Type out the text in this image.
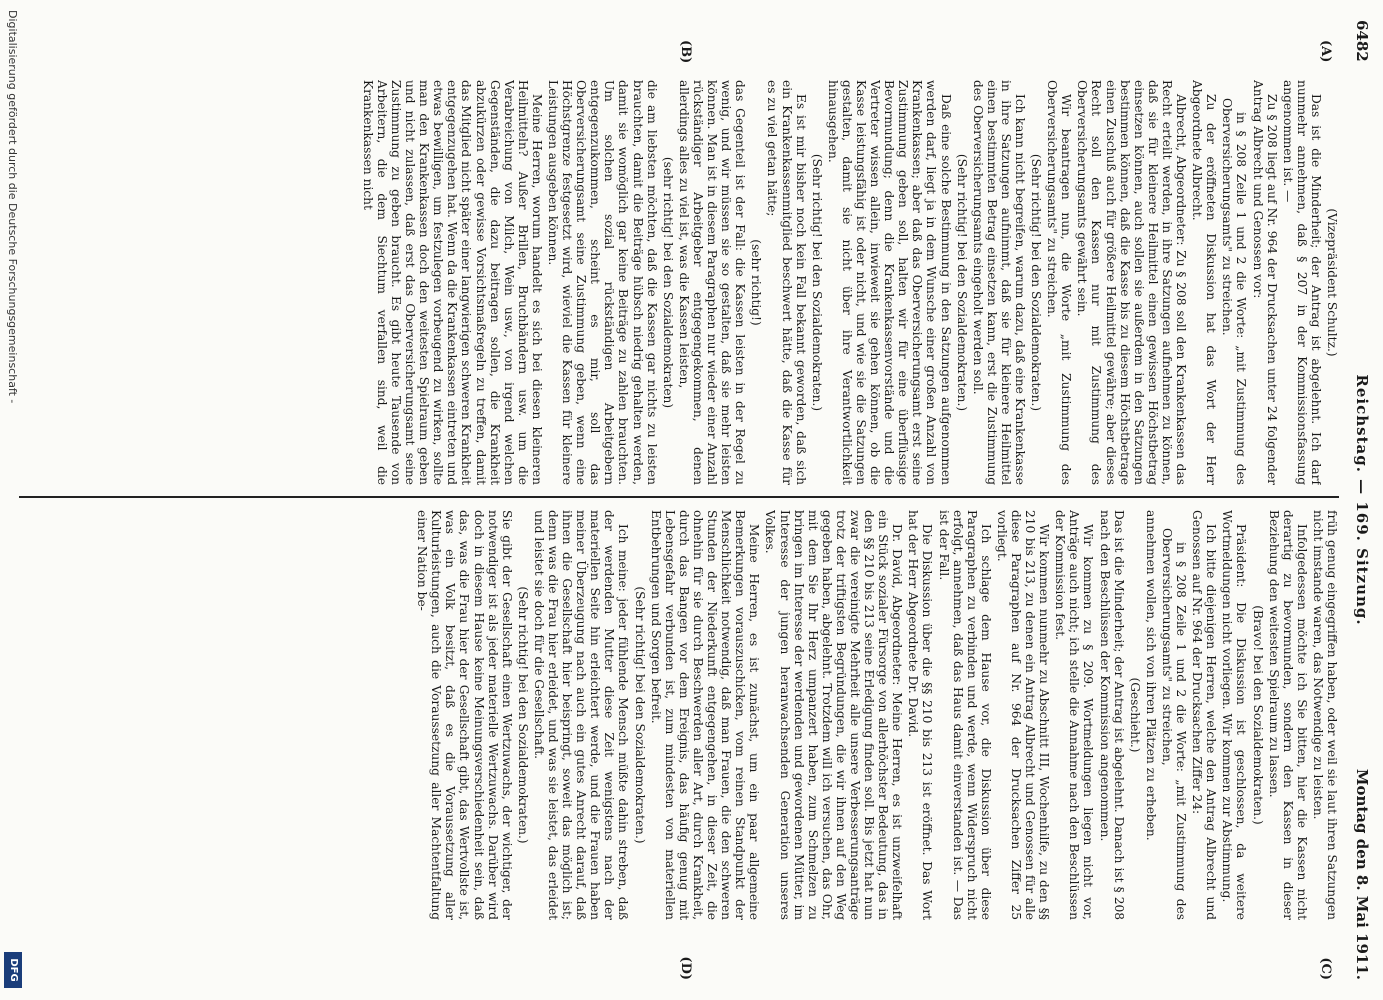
6482
Reichstag. — 169. Sitzung.
Montag den 8. Mai 1911.
(A)
(B)
(C)
(D)

(Vizepräsident Schultz.)

Das ist die Minderheit; der Antrag ist abgelehnt. Ich darf nunmehr annehmen, daß § 207 in der Kommissionsfassung angenommen ist. —

Zu § 208 liegt auf Nr. 964 der Drucksachen unter 24 folgender Antrag Albrecht und Genossen vor:

in § 208 Zeile 1 und 2 die Worte: „mit Zustimmung des Oberversicherungsamts" zu streichen.

Zu der eröffneten Diskussion hat das Wort der Herr Abgeordnete Albrecht.

Albrecht, Abgeordneter: Zu § 208 soll den Krankenkassen das Recht erteilt werden, in ihre Satzungen aufnehmen zu können, daß sie für kleinere Heilmittel einen gewissen Höchstbetrag einsetzen können, auch sollen sie außerdem in den Satzungen bestimmen können, daß die Kasse bis zu diesem Höchstbetrage einen Zuschuß auch für größere Heilmittel gewähre; aber dieses Recht soll den Kassen nur mit Zustimmung des Oberversicherungsamts gewährt sein.

Wir beantragen nun, die Worte „mit Zustimmung des Oberversicherungsamts" zu streichen.

(Sehr richtig! bei den Sozialdemokraten.)

Ich kann nicht begreifen, warum dazu, daß eine Krankenkasse in ihre Satzungen aufnimmt, daß sie für kleinere Heilmittel einen bestimmten Betrag einsetzen kann, erst die Zustimmung des Oberversicherungsamts eingeholt werden soll.

(Sehr richtig! bei den Sozialdemokraten.)

Daß eine solche Bestimmung in den Satzungen aufgenommen werden darf, liegt ja in dem Wunsche einer großen Anzahl von Krankenkassen; aber daß das Oberversicherungsamt erst seine Zustimmung geben soll, halten wir für eine überflüssige Bevormundung; denn die Krankenkassenvorstände und die Vertreter wissen allein, inwieweit sie gehen können, ob die Kasse leistungsfähig ist oder nicht, und wie sie die Satzungen gestalten, damit sie nicht über ihre Verantwortlichkeit hinausgehen.

(Sehr richtig! bei den Sozialdemokraten.)

Es ist mir bisher noch kein Fall bekannt geworden, daß sich ein Krankenkassenmitglied beschwert hätte, daß die Kasse für es zu viel getan hätte;

(sehr richtig!)

das Gegenteil ist der Fall: die Kassen leisten in der Regel zu wenig, und wir müssen sie so gestalten, daß sie mehr leisten können. Man ist in diesem Paragraphen nur wieder einer Anzahl rückständiger Arbeitgeber entgegengekommen, denen allerdings alles zu viel ist, was die Kassen leisten,

(sehr richtig! bei den Sozialdemokraten)

die am liebsten möchten, daß die Kassen gar nichts zu leisten brauchten, damit die Beiträge hübsch niedrig gehalten werden, damit sie womöglich gar keine Beiträge zu zahlen brauchten. Um solchen sozial rückständigen Arbeitgebern entgegenzukommen, scheint es mir, soll das Oberversicherungsamt seine Zustimmung geben, wenn eine Höchstgrenze festgesetzt wird, wieviel die Kassen für kleinere Leistungen ausgeben können.

Meine Herren, worum handelt es sich bei diesen kleineren Heilmitteln? Außer Brillen, Bruchbändern usw. um die Verabreichung von Milch, Wein usw., von irgend welchen Gegenständen, die dazu beitragen sollen, die Krankheit abzukürzen oder gewisse Vorsichtsmaßregeln zu treffen, damit das Mitglied nicht später einer langwierigen schweren Krankheit entgegenzugehen hat. Wenn da die Krankenkassen eintreten und etwas bewilligen, um festzulegen vorbeugend zu wirken, sollte man den Krankenkassen doch den weitesten Spielraum geben und nicht zulassen, daß erst das Oberversicherungsamt seine Zustimmung zu geben braucht. Es gibt heute Tausende von Arbeitern, die dem Siechtum verfallen sind, weil die Krankenkassen nicht

früh genug eingegriffen haben, oder weil sie laut ihren Satzungen nicht imstande waren, das Notwendige zu leisten.

Infolgedessen möchte ich Sie bitten, hier die Kassen nicht derartig zu bevormunden, sondern den Kassen in dieser Beziehung den weitesten Spielraum zu lassen.

(Bravo! bei den Sozialdemokraten.)

Präsident: Die Diskussion ist geschlossen, da weitere Wortmeldungen nicht vorliegen. Wir kommen zur Abstimmung.

Ich bitte diejenigen Herren, welche den Antrag Albrecht und Genossen auf Nr. 964 der Drucksachen Ziffer 24:

in § 208 Zeile 1 und 2 die Worte: „mit Zustimmung des Oberversicherungsamts" zu streichen,

annehmen wollen, sich von ihren Plätzen zu erheben.

(Geschieht.)

Das ist die Minderheit; der Antrag ist abgelehnt. Danach ist § 208 nach den Beschlüssen der Kommission angenommen.

Wir kommen zu § 209. Wortmeldungen liegen nicht vor, Anträge auch nicht; ich stelle die Annahme nach den Beschlüssen der Kommission fest.

Wir kommen nunmehr zu Abschnitt III, Wochenhilfe, zu den §§ 210 bis 213, zu denen ein Antrag Albrecht und Genossen für alle diese Paragraphen auf Nr. 964 der Drucksachen Ziffer 25 vorliegt.

Ich schlage dem Hause vor, die Diskussion über diese Paragraphen zu verbinden und werde, wenn Widerspruch nicht erfolgt, annehmen, daß das Haus damit einverstanden ist. — Das ist der Fall.

Die Diskussion über die §§ 210 bis 213 ist eröffnet. Das Wort hat der Herr Abgeordnete Dr. David.

Dr. David, Abgeordneter: Meine Herren, es ist unzweifelhaft ein Stück sozialer Fürsorge von allerhöchster Bedeutung, das in den §§ 210 bis 213 seine Erledigung finden soll. Bis jetzt hat nun zwar die vereinigte Mehrheit alle unsere Verbesserungsanträge trotz der triftigsten Begründungen, die wir ihnen auf den Weg gegeben haben, abgelehnt. Trotzdem will ich versuchen, das Ohr, mit dem Sie Ihr Herz umpanzert haben, zum Schmelzen zu bringen im Interesse der werdenden und gewordenen Mütter, im Interesse der jungen heranwachsenden Generation unseres Volkes.

Meine Herren, es ist zunächst, um ein paar allgemeine Bemerkungen vorauszuschicken, vom reinen Standpunkt der Menschlichkeit notwendig, daß man Frauen, die den schweren Stunden der Niederkunft entgegengehen, in dieser Zeit, die ohnehin für sie durch Beschwerden aller Art, durch Krankheit, durch das Bangen vor dem Ereignis, das häufig genug mit Lebensgefahr verbunden ist, zum mindesten von materiellen Entbehrungen und Sorgen befreit.

(Sehr richtig! bei den Sozialdemokraten.)

Ich meine: jeder fühlende Mensch müßte dahin streben, daß der werdenden Mutter diese Zeit wenigstens nach der materiellen Seite hin erleichtert werde, und die Frauen haben meiner Überzeugung nach auch ein gutes Anrecht darauf, daß ihnen die Gesellschaft hier beispringt, soweit das möglich ist; denn was die Frau hier erleidet, und was sie leistet, das erleidet und leistet sie doch für die Gesellschaft.

(Sehr richtig! bei den Sozialdemokraten.)

Sie gibt der Gesellschaft einen Wertzuwachs, der wichtiger, der notwendiger ist als jeder materielle Wertzuwachs. Darüber wird doch in diesem Hause keine Meinungsverschiedenheit sein, daß das, was die Frau hier der Gesellschaft gibt, das Wertvollste ist, was ein Volk besitzt, daß es die Voraussetzung aller Kulturleistungen, auch die Voraussetzung aller Machtentfaltung einer Nation be-

Digitalisierung gefördert durch die Deutsche Forschungsgemeinschaft -
DFG
